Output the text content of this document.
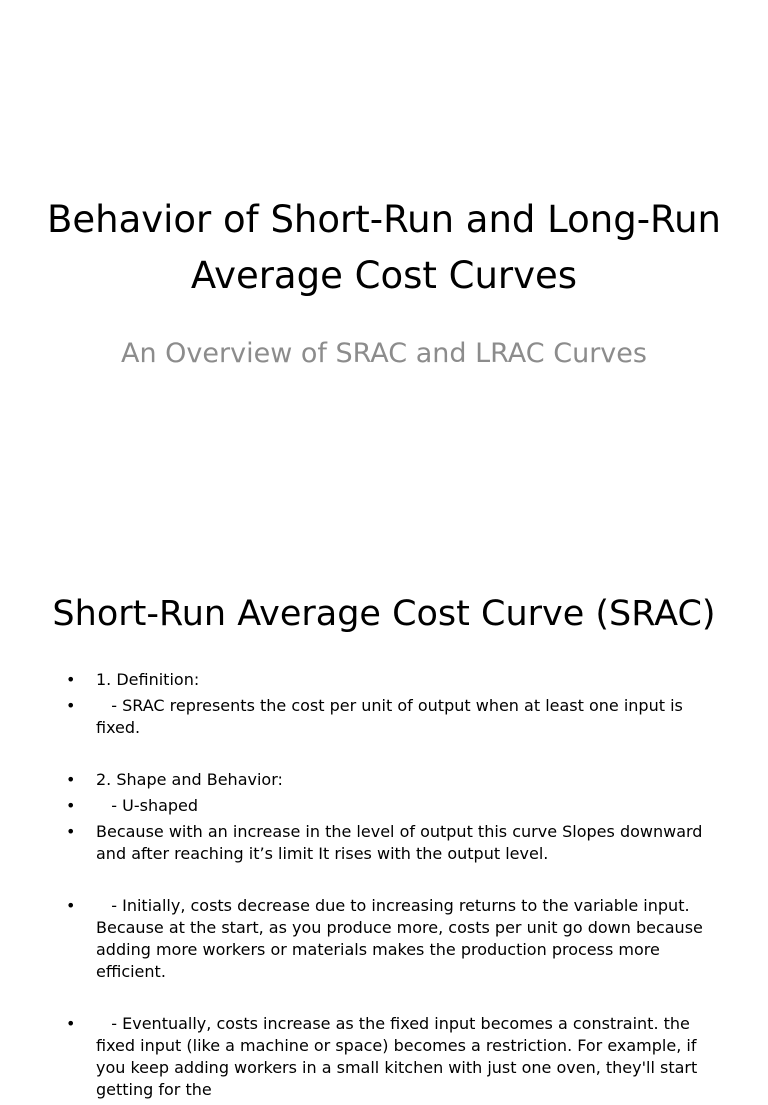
Behavior of Short-Run and Long-Run Average Cost Curves
An Overview of SRAC and LRAC Curves
Short-Run Average Cost Curve (SRAC)
• 1. Definition:
• - SRAC represents the cost per unit of output when at least one input is fixed.
• 2. Shape and Behavior:
• - U-shaped
• Because with an increase in the level of output this curve Slopes downward and after reaching it’s limit It rises with the output level.
• - Initially, costs decrease due to increasing returns to the variable input. Because at the start, as you produce more, costs per unit go down because adding more workers or materials makes the production process more efficient.
• - Eventually, costs increase as the fixed input becomes a constraint. the fixed input (like a machine or space) becomes a restriction. For example, if you keep adding workers in a small kitchen with just one oven, they'll start getting for the
